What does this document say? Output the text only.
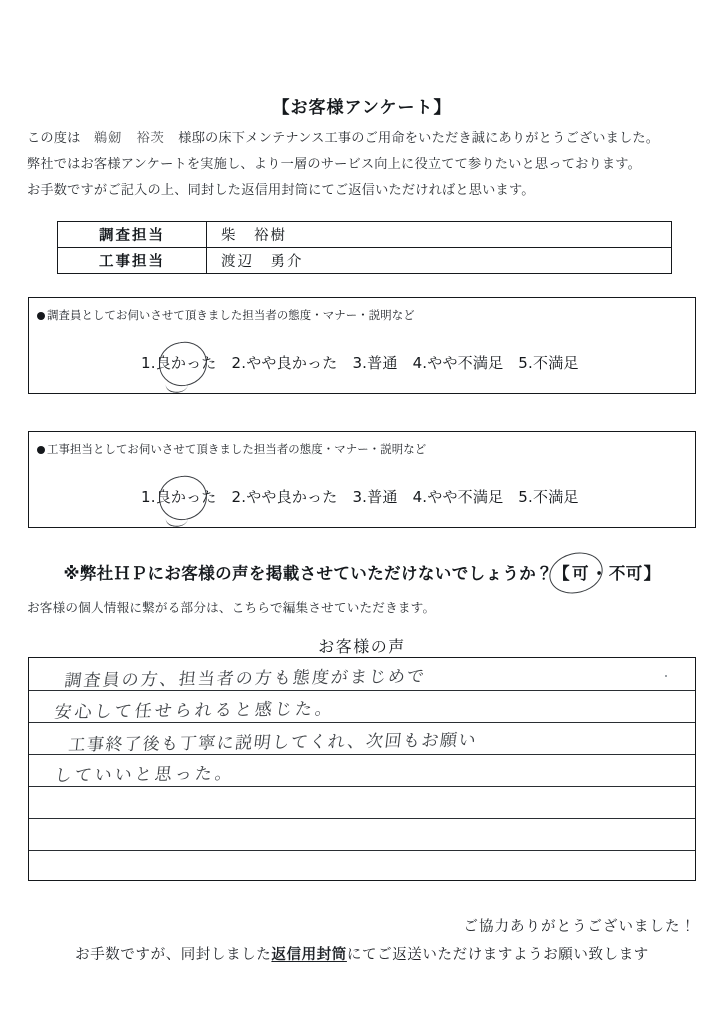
【お客様アンケート】
この度は　鵜劒　裕茨　様邸の床下メンテナンス工事のご用命をいただき誠にありがとうございました。
弊社ではお客様アンケートを実施し、より一層のサービス向上に役立てて参りたいと思っております。
お手数ですがご記入の上、同封した返信用封筒にてご返信いただければと思います。
調査担当	柴　裕樹
工事担当	渡辺　勇介
調査員としてお伺いさせて頂きました担当者の態度・マナー・説明など
1.良かった 2.やや良かった 3.普通 4.やや不満足 5.不満足
工事担当としてお伺いさせて頂きました担当者の態度・マナー・説明など
1.良かった 2.やや良かった 3.普通 4.やや不満足 5.不満足
※弊社ＨＰにお客様の声を掲載させていただけないでしょうか？【 可 ・不可】
お客様の個人情報に繋がる部分は、こちらで編集させていただきます。
お客様の声
調査員の方、担当者の方も態度がまじめで
安心して任せられると感じた。
工事終了後も丁寧に説明してくれ、次回もお願い
していいと思った。
ご協力ありがとうございました！
お手数ですが、同封しました返信用封筒にてご返送いただけますようお願い致します
